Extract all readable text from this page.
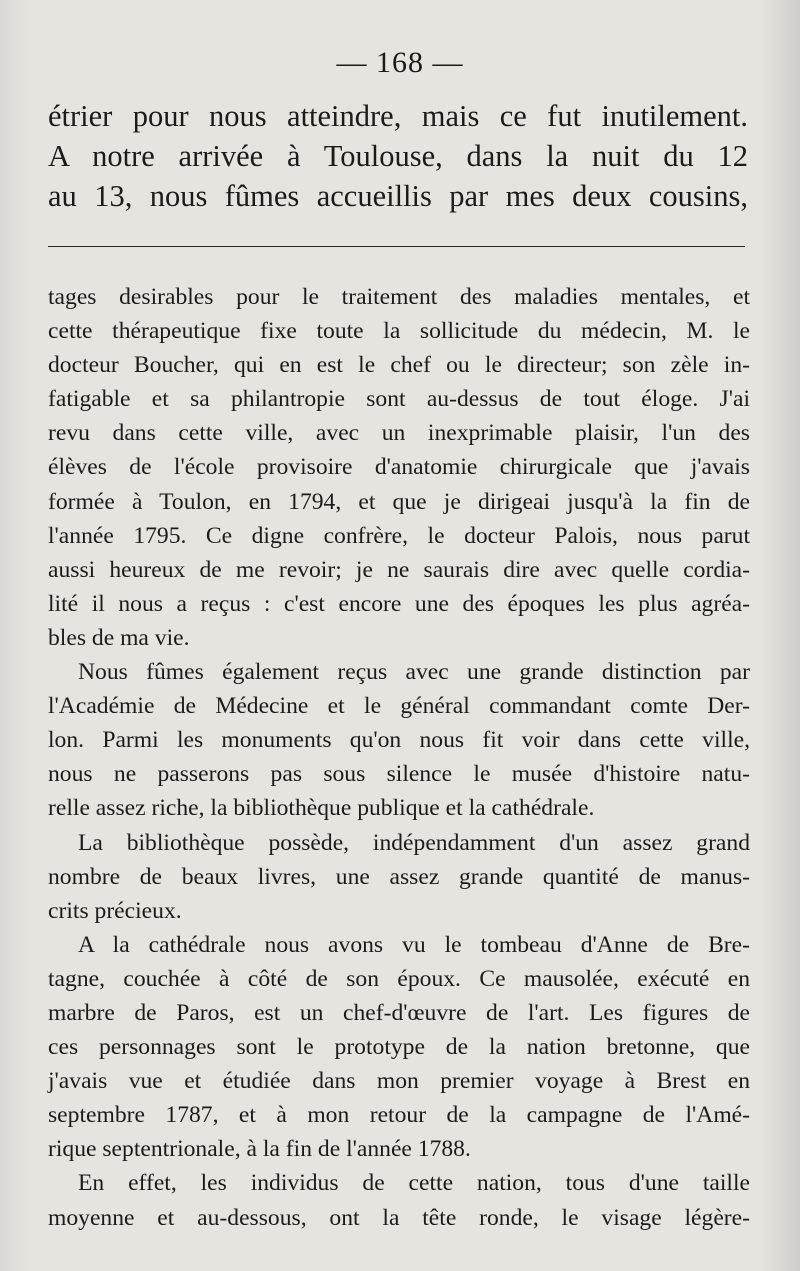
— 168 —
étrier pour nous atteindre, mais ce fut inutilement.
A notre arrivée à Toulouse, dans la nuit du 12
au 13, nous fûmes accueillis par mes deux cousins,
tages desirables pour le traitement des maladies mentales, et
cette thérapeutique fixe toute la sollicitude du médecin, M. le
docteur Boucher, qui en est le chef ou le directeur; son zèle in-
fatigable et sa philantropie sont au-dessus de tout éloge. J'ai
revu dans cette ville, avec un inexprimable plaisir, l'un des
élèves de l'école provisoire d'anatomie chirurgicale que j'avais
formée à Toulon, en 1794, et que je dirigeai jusqu'à la fin de
l'année 1795. Ce digne confrère, le docteur Palois, nous parut
aussi heureux de me revoir; je ne saurais dire avec quelle cordia-
lité il nous a reçus : c'est encore une des époques les plus agréa-
bles de ma vie.
Nous fûmes également reçus avec une grande distinction par
l'Académie de Médecine et le général commandant comte Der-
lon. Parmi les monuments qu'on nous fit voir dans cette ville,
nous ne passerons pas sous silence le musée d'histoire natu-
relle assez riche, la bibliothèque publique et la cathédrale.
La bibliothèque possède, indépendamment d'un assez grand
nombre de beaux livres, une assez grande quantité de manus-
crits précieux.
A la cathédrale nous avons vu le tombeau d'Anne de Bre-
tagne, couchée à côté de son époux. Ce mausolée, exécuté en
marbre de Paros, est un chef-d'œuvre de l'art. Les figures de
ces personnages sont le prototype de la nation bretonne, que
j'avais vue et étudiée dans mon premier voyage à Brest en
septembre 1787, et à mon retour de la campagne de l'Amé-
rique septentrionale, à la fin de l'année 1788.
En effet, les individus de cette nation, tous d'une taille
moyenne et au-dessous, ont la tête ronde, le visage légère-
